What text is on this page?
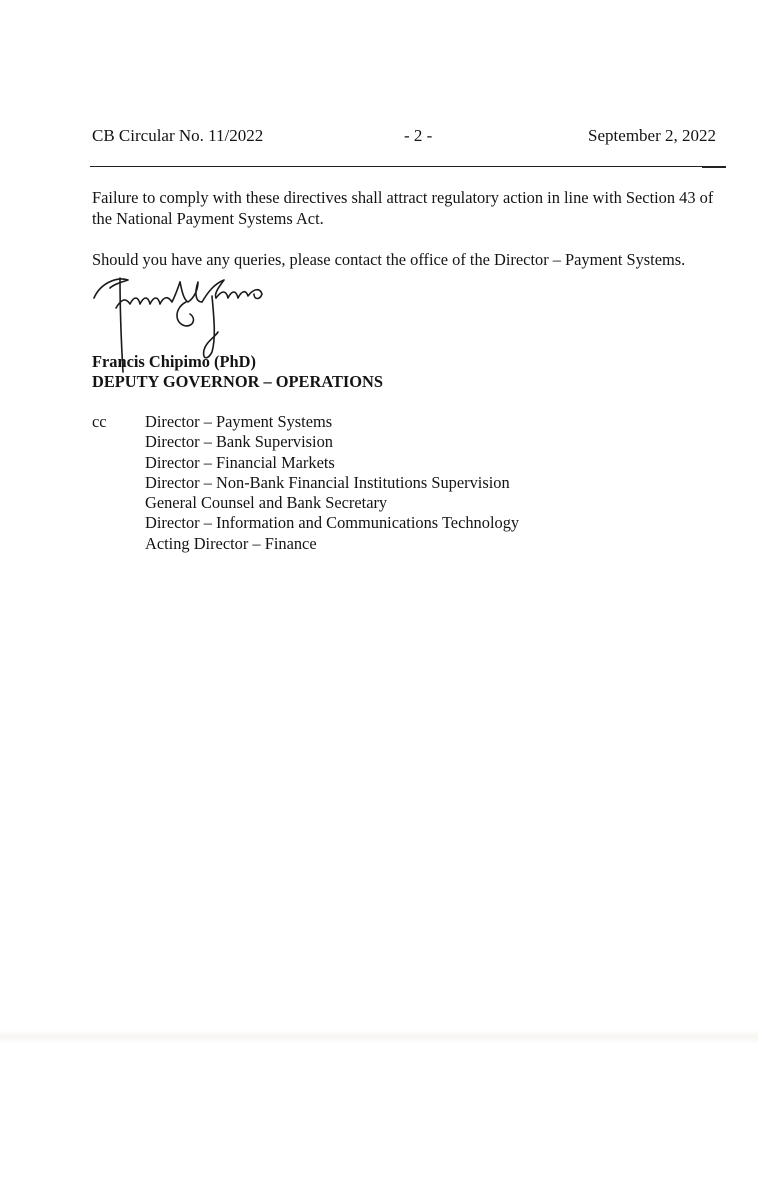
CB Circular No. 11/2022	- 2 -	September 2, 2022

Failure to comply with these directives shall attract regulatory action in line with Section 43 of the National Payment Systems Act.

Should you have any queries, please contact the office of the Director – Payment Systems.

Francis Chipimo (PhD)
DEPUTY GOVERNOR – OPERATIONS
cc Director – Payment Systems
Director – Bank Supervision
Director – Financial Markets
Director – Non-Bank Financial Institutions Supervision
General Counsel and Bank Secretary
Director – Information and Communications Technology
Acting Director – Finance
